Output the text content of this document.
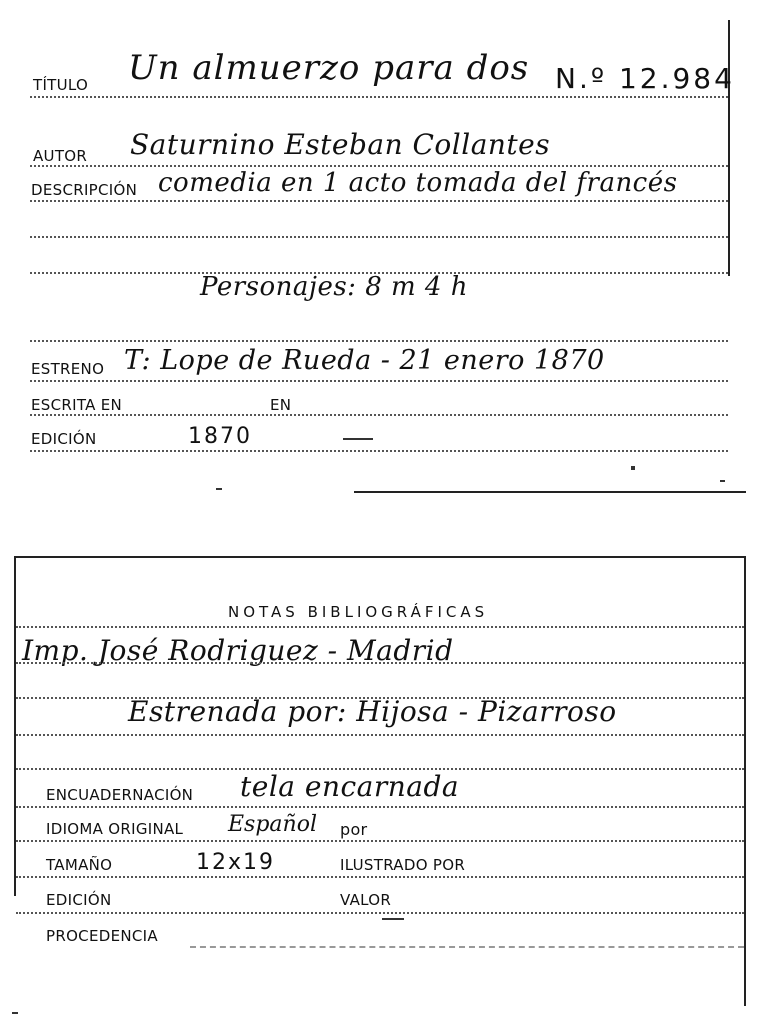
TÍTULO Un almuerzo para dos N.º 12.984
AUTOR Saturnino Esteban Collantes
DESCRIPCIÓN comedia en 1 acto tomada del francés
Personajes: 8 m 4 h
ESTRENO T: Lope de Rueda - 21 enero 1870
ESCRITA EN	EN
EDICIÓN	1870
NOTAS BIBLIOGRÁFICAS
Imp. José Rodriguez - Madrid
Estrenada por: Hijosa - Pizarroso
ENCUADERNACIÓN tela encarnada
IDIOMA ORIGINAL Español por
TAMAÑO	12x19	ILUSTRADO POR
EDICIÓN	VALOR
PROCEDENCIA
